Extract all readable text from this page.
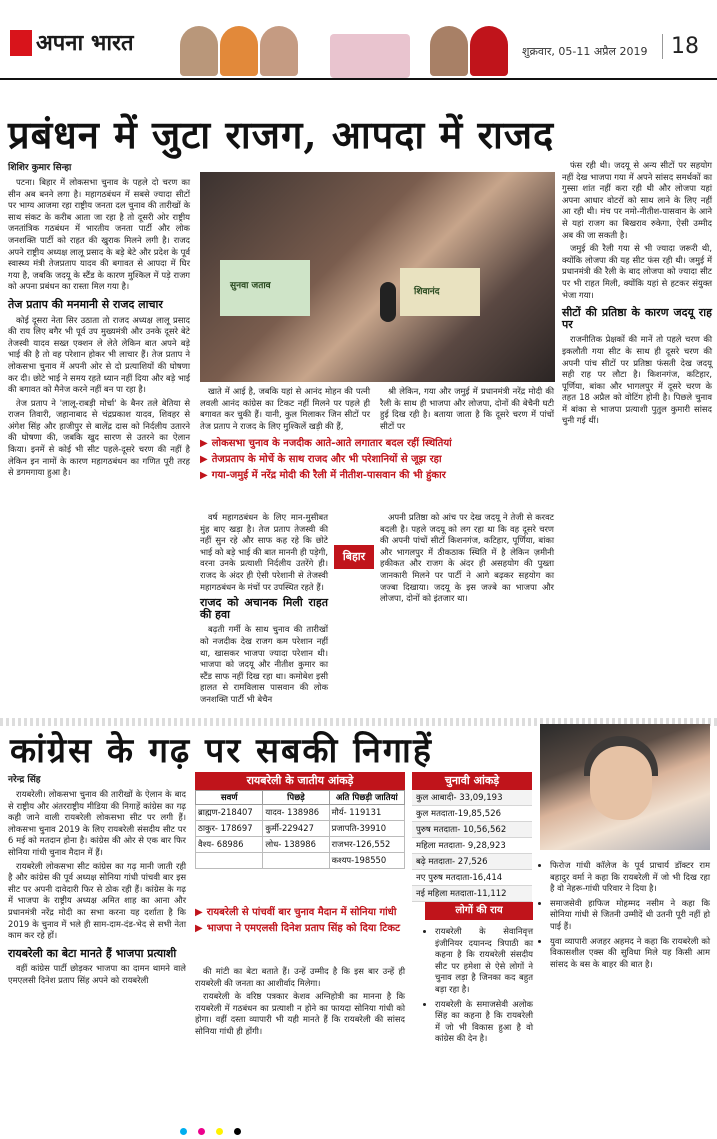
अपना भारत	शुक्रवार, 05-11 अप्रैल 2019	18
प्रबंधन में जुटा राजग, आपदा में राजद
शिशिर कुमार सिन्हा

पटना। बिहार में लोकसभा चुनाव के पहले दो चरण का सीन अब बनने लगा है। महागठबंधन में सबसे ज्यादा सीटों पर भाग्य आजमा रहा राष्ट्रीय जनता दल चुनाव की तारीखों के साथ संकट के करीब आता जा रहा है तो दूसरी ओर राष्ट्रीय जनतांत्रिक गठबंधन में भारतीय जनता पार्टी और लोक जनशक्ति पार्टी को राहत की खुराक मिलने लगी है। राजद अपने राष्ट्रीय अध्यक्ष लालू प्रसाद के बड़े बेटे और प्रदेश के पूर्व स्वास्थ्य मंत्री तेजप्रताप यादव की बगावत से आपदा में घिर गया है, जबकि जदयू के स्टैंड के कारण मुश्किल में पड़े राजग को अपना प्रबंधन का रास्ता मिल गया है।

तेज प्रताप की मनमानी से राजद लाचार

कोई दूसरा नेता सिर उठाता तो राजद अध्यक्ष लालू प्रसाद की राय लिए बगैर भी पूर्व उप मुख्यमंत्री और उनके दूसरे बेटे तेजस्वी यादव सख्त एक्शन ले लेते लेकिन बात अपने बड़े भाई की है तो वह परेशान होकर भी लाचार हैं। तेज प्रताप ने लोकसभा चुनाव में अपनी ओर से दो प्रत्याशियों की घोषणा कर दी। छोटे भाई ने समय रहते ध्यान नहीं दिया और बड़े भाई की बगावत को मैनेज करने नहीं बन पा रहा है।

तेज प्रताप ने 'लालू-राबड़ी मोर्चा' के बैनर तले बेतिया से राजन तिवारी, जहानाबाद से चंद्रप्रकाश यादव, शिवहर से अंगेश सिंह और हाजीपुर से बालेंद्र दास को निर्दलीय उतारने की घोषणा की, जबकि खुद सारण से उतरने का ऐलान किया। इनमें से कोई भी सीट पहले-दूसरे चरण की नहीं है लेकिन इन नामों के कारण महागठबंधन का गणित पूरी तरह से डगमगाया हुआ है।

सुनवा जताव
शिवानंद

खाते में आई है, जबकि यहां से आनंद मोहन की पत्नी लवली आनंद कांग्रेस का टिकट नहीं मिलने पर पहले ही बगावत कर चुकी हैं। यानी, कुल मिलाकर जिन सीटों पर तेज प्रताप ने राजद के लिए मुश्किलें खड़ी की हैं,

श्री लेकिन, गया और जमुई में प्रधानमंत्री नरेंद्र मोदी की रैली के साथ ही भाजपा और लोजपा, दोनों की बेचैनी घटी हुई दिख रही है। बताया जाता है कि दूसरे चरण में पांचों सीटों पर

▶ लोकसभा चुनाव के नजदीक आते-आते लगातार बदल रहीं स्थितियां
▶ तेजप्रताप के मोर्चे के साथ राजद और भी परेशानियों से जूझ रहा
▶ गया-जमुई में नरेंद्र मोदी की रैली में नीतीश-पासवान की भी हुंकार

वर्ष महागठबंधन के लिए मान-मुसीबत मुंह बाए खड़ा है। तेज प्रताप तेजस्वी की नहीं सुन रहे और साफ कह रहे कि छोटे भाई को बड़े भाई की बात माननी ही पड़ेगी, वरना उनके प्रत्याशी निर्दलीय उतरेंगे ही। राजद के अंदर ही ऐसी परेशानी से तेजस्वी महागठबंधन के मंचों पर उपस्थित रहते हैं।

राजद को अचानक मिली राहत की हवा

बढ़ती गर्मी के साथ चुनाव की तारीखों को नजदीक देख राजग कम परेशान नहीं था, खासकर भाजपा ज्यादा परेशान थी। भाजपा को जदयू और नीतीश कुमार का स्टैंड साफ नहीं दिख रहा था। कमोबेश इसी हालत से रामविलास पासवान की लोक जनशक्ति पार्टी भी बेचैन

बिहार

अपनी प्रतिष्ठा को आंच पर देख जदयू ने तेजी से करवट बदली है। पहले जदयू को लग रहा था कि वह दूसरे चरण की अपनी पांचों सीटों किशनगंज, कटिहार, पूर्णिया, बांका और भागलपुर में ठीकठाक स्थिति में है लेकिन ज़मीनी हकीकत और राजग के अंदर ही असहयोग की पुख्ता जानकारी मिलने पर पार्टी ने आगे बढ़कर सहयोग का जज्बा दिखाया। जदयू के इस जज्बे का भाजपा और लोजपा, दोनों को इंतजार था।

फंस रही थी। जदयू से अन्य सीटों पर सहयोग नहीं देख भाजपा गया में अपने सांसद समर्थकों का गुस्सा शांत नहीं करा रही थी और लोजपा यहां अपना आधार वोटरों को साथ लाने के लिए नहीं आ रही थी। मंच पर नमो-नीतीश-पासवान के आने से यहां राजग का बिखराव रुकेगा, ऐसी उम्मीद अब की जा सकती है।

जमुई की रैली गया से भी ज्यादा जरूरी थी, क्योंकि लोजपा की यह सीट फंस रही थी। जमुई में प्रधानमंत्री की रैली के बाद लोजपा को ज्यादा सीट पर भी राहत मिली, क्योंकि यहां से हटकर संयुक्त भेजा गया।

सीटों की प्रतिष्ठा के कारण जदयू राह पर

राजनीतिक प्रेक्षकों की मानें तो पहले चरण की इकलौती गया सीट के साथ ही दूसरे चरण की अपनी पांच सीटों पर प्रतिष्ठा फंसती देख जदयू सही राह पर लौटा है। किशनगंज, कटिहार, पूर्णिया, बांका और भागलपुर में दूसरे चरण के तहत 18 अप्रैल को वोटिंग होनी है। पिछले चुनाव में बांका से भाजपा प्रत्याशी पुतुल कुमारी सांसद चुनी गई थीं।

कांग्रेस के गढ़ पर सबकी निगाहें
नरेन्द्र सिंह

रायबरेली। लोकसभा चुनाव की तारीखों के ऐलान के बाद से राष्ट्रीय और अंतरराष्ट्रीय मीडिया की निगाहें कांग्रेस का गढ़ कही जाने वाली रायबरेली लोकसभा सीट पर लगी हैं। लोकसभा चुनाव 2019 के लिए रायबरेली संसदीय सीट पर 6 मई को मतदान होना है। कांग्रेस की ओर से एक बार फिर सोनिया गांधी चुनाव मैदान में हैं।

रायबरेली लोकसभा सीट कांग्रेस का गढ़ मानी जाती रही है और कांग्रेस की पूर्व अध्यक्ष सोनिया गांधी पांचवी बार इस सीट पर अपनी दावेदारी फिर से ठोक रही हैं। कांग्रेस के गढ़ में भाजपा के राष्ट्रीय अध्यक्ष अमित शाह का आना और प्रधानमंत्री नरेंद्र मोदी का सभा करना यह दर्शाता है कि 2019 के चुनाव में भले ही साम-दाम-दंड-भेद से सभी नेता काम कर रहे हों।

रायबरेली का बेटा मानते हैं भाजपा प्रत्याशी

वहीं कांग्रेस पार्टी छोड़कर भाजपा का दामन थामने वाले एमएलसी दिनेश प्रताप सिंह अपने को रायबरेली

रायबरेली के जातीय आंकड़े
सवर्ण	पिछड़े	अति पिछड़ी जातियां
ब्राह्मण-218407	यादव- 138986	मौर्य- 119131
ठाकुर- 178697	कुर्मी-229427	प्रजापति-39910
वैश्य- 68986	लोध- 138986	राजभर-126,552
		कश्यप-198550
चुनावी आंकड़े
कुल आबादी- 33,09,193
कुल मतदाता-19,85,526
पुरुष मतदाता- 10,56,562
महिला मतदाता- 9,28,923
बढ़े मतदाता- 27,526
नए पुरुष मतदाता-16,414
नई महिला मतदाता-11,112
▶ रायबरेली से पांचवीं बार चुनाव मैदान में सोनिया गांधी
▶ भाजपा ने एमएलसी दिनेश प्रताप सिंह को दिया टिकट

की मांटी का बेटा बताते हैं। उन्हें उम्मीद है कि इस बार उन्हें ही रायबरेली की जनता का आशीर्वाद मिलेगा।

रायबरेली के वरिष्ठ पत्रकार केशव अग्निहोत्री का मानना है कि रायबरेली में गठबंधन का प्रत्याशी न होने का फायदा सोनिया गांधी को होगा। वहीं दस्ता व्यापारी भी यही मानते हैं कि रायबरेली की सांसद सोनिया गांधी ही होंगी।

लोगों की राय
• रायबरेली के सेवानिवृत्त इंजीनियर दयानन्द त्रिपाठी का कहना है कि रायबरेली संसदीय सीट पर हमेशा से ऐसे लोगों ने चुनाव लड़ा है जिनका कद बहुत बड़ा रहा है।
• रायबरेली के समाजसेवी अलोक सिंह का कहना है कि रायबरेली में जो भी विकास हुआ है वो कांग्रेस की देन है।
• फिरोज गांधी कॉलेज के पूर्व प्राचार्य डॉक्टर राम बहादुर वर्मा ने कहा कि रायबरेली में जो भी दिख रहा है वो नेहरू-गांधी परिवार ने दिया है।
• समाजसेवी हाफिज मोहम्मद नसीम ने कहा कि सोनिया गांधी से जितनी उम्मीदें थी उतनी पूरी नहीं हो पाई हैं।
• युवा व्यापारी अजहर अहमद ने कहा कि रायबरेली को विकासशील एक्स की सुविधा मिले यह किसी आम सांसद के बस के बाहर की बात है।
